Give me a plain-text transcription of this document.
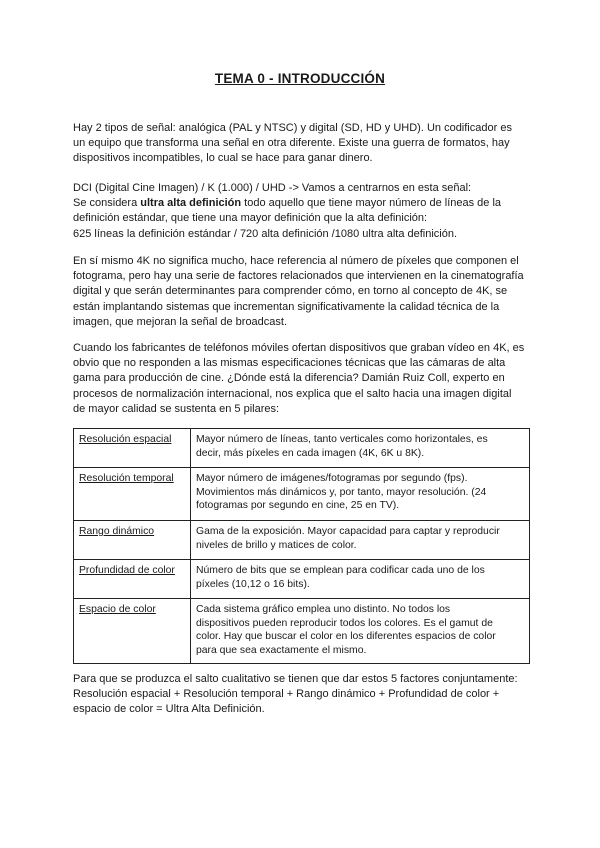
TEMA 0 - INTRODUCCIÓN
Hay 2 tipos de señal: analógica (PAL y NTSC) y digital (SD, HD y UHD). Un codificador es
un equipo que transforma una señal en otra diferente. Existe una guerra de formatos, hay
dispositivos incompatibles, lo cual se hace para ganar dinero.
DCI (Digital Cine Imagen) / K (1.000) / UHD -> Vamos a centrarnos en esta señal:
Se considera ultra alta definición todo aquello que tiene mayor número de líneas de la
definición estándar, que tiene una mayor definición que la alta definición:
625 líneas la definición estándar / 720 alta definición /1080 ultra alta definición.
En sí mismo 4K no significa mucho, hace referencia al número de píxeles que componen el
fotograma, pero hay una serie de factores relacionados que intervienen en la cinematografía
digital y que serán determinantes para comprender cómo, en torno al concepto de 4K, se
están implantando sistemas que incrementan significativamente la calidad técnica de la
imagen, que mejoran la señal de broadcast.
Cuando los fabricantes de teléfonos móviles ofertan dispositivos que graban vídeo en 4K, es
obvio que no responden a las mismas especificaciones técnicas que las cámaras de alta
gama para producción de cine. ¿Dónde está la diferencia? Damián Ruiz Coll, experto en
procesos de normalización internacional, nos explica que el salto hacia una imagen digital
de mayor calidad se sustenta en 5 pilares:
Resolución espacial	Mayor número de líneas, tanto verticales como horizontales, es
decir, más píxeles en cada imagen (4K, 6K u 8K).

Resolución temporal	Mayor número de imágenes/fotogramas por segundo (fps).
Movimientos más dinámicos y, por tanto, mayor resolución. (24
fotogramas por segundo en cine, 25 en TV).

Rango dinámico	Gama de la exposición. Mayor capacidad para captar y reproducir
niveles de brillo y matices de color.

Profundidad de color	Número de bits que se emplean para codificar cada uno de los
píxeles (10,12 o 16 bits).

Espacio de color	Cada sistema gráfico emplea uno distinto. No todos los
dispositivos pueden reproducir todos los colores. Es el gamut de
color. Hay que buscar el color en los diferentes espacios de color
para que sea exactamente el mismo.
Para que se produzca el salto cualitativo se tienen que dar estos 5 factores conjuntamente:
Resolución espacial + Resolución temporal + Rango dinámico + Profundidad de color +
espacio de color = Ultra Alta Definición.
